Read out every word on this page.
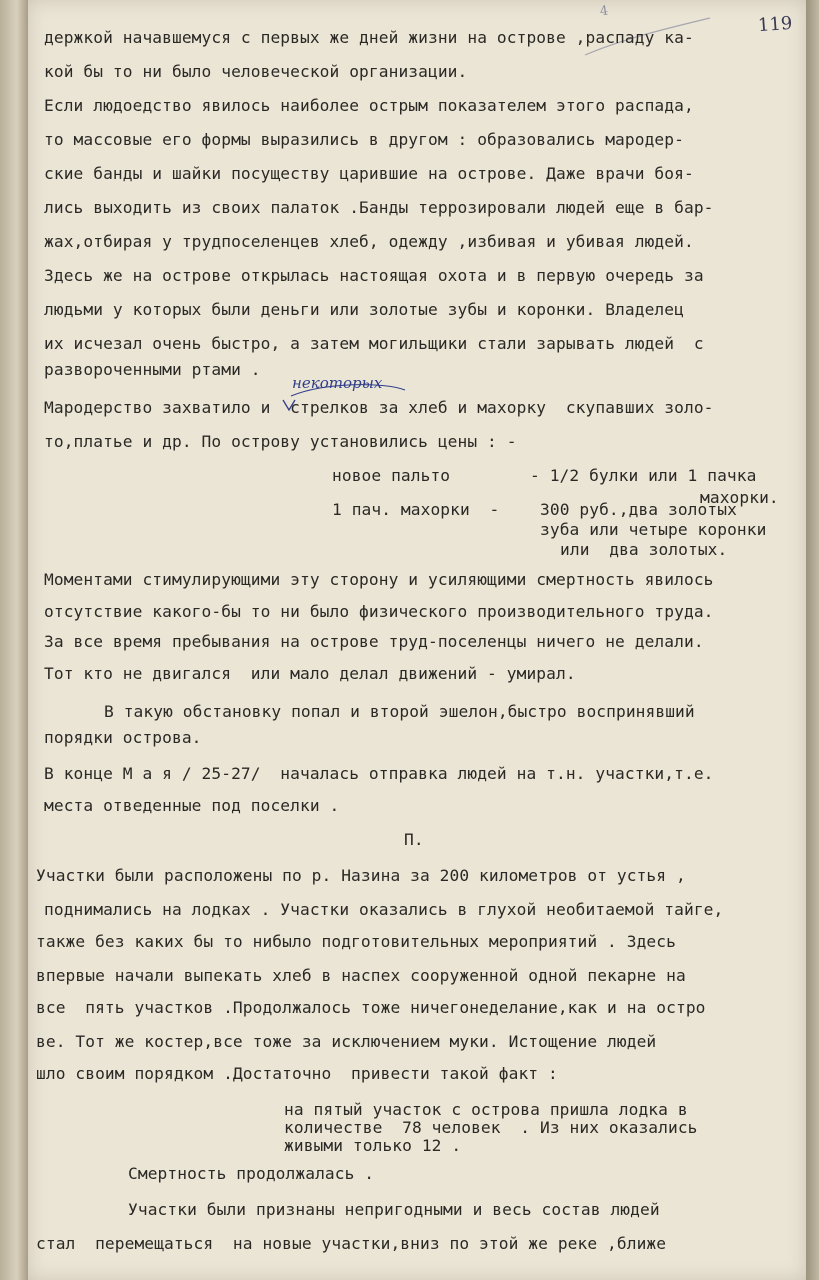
4
119
держкой начавшемуся с первых же дней жизни на острове ,распаду ка-
кой бы то ни было человеческой организации.
Если людоедство явилось наиболее острым показателем этого распада,
то массовые его формы выразились в другом : образовались мародер-
ские банды и шайки посуществу царившие на острове. Даже врачи боя-
лись выходить из своих палаток .Банды террозировали людей еще в бар-
жах,отбирая у трудпоселенцев хлеб, одежду ,избивая и убивая людей.
Здесь же на острове открылась настоящая охота и в первую очередь за
людьми у которых были деньги или золотые зубы и коронки. Владелец
их исчезал очень быстро, а затем могильщики стали зарывать людей  с
развороченными ртами .
Мародерство захватило и  стрелков за хлеб и махорку  скупавших золо-
то,платье и др. По острову установились цены : -
новое пальто	- 1/2 булки или 1 пачка
махорки.
1 пач. махорки  -	300 руб.,два золотых
зуба или четыре коронки
или  два золотых.
Моментами стимулирующими эту сторону и усиляющими смертность явилось
отсутствие какого-бы то ни было физического производительного труда.
За все время пребывания на острове труд-поселенцы ничего не делали.
Тот кто не двигался  или мало делал движений - умирал.
В такую обстановку попал и второй эшелон,быстро воспринявший
порядки острова.
В конце М а я / 25-27/  началась отправка людей на т.н. участки,т.е.
места отведенные под поселки .
П.
Участки были расположены по р. Назина за 200 километров от устья ,
поднимались на лодках . Участки оказались в глухой необитаемой тайге,
также без каких бы то нибыло подготовительных мероприятий . Здесь
впервые начали выпекать хлеб в наспех сооруженной одной пекарне на
все  пять участков .Продолжалось тоже ничегонеделание,как и на остро
ве. Тот же костер,все тоже за исключением муки. Истощение людей
шло своим порядком .Достаточно  привести такой факт :
на пятый участок с острова пришла лодка в
количестве  78 человек  . Из них оказались
живыми только 12 .
Смертность продолжалась .
Участки были признаны непригодными и весь состав людей
стал  перемещаться  на новые участки,вниз по этой же реке ,ближе
некоторых
